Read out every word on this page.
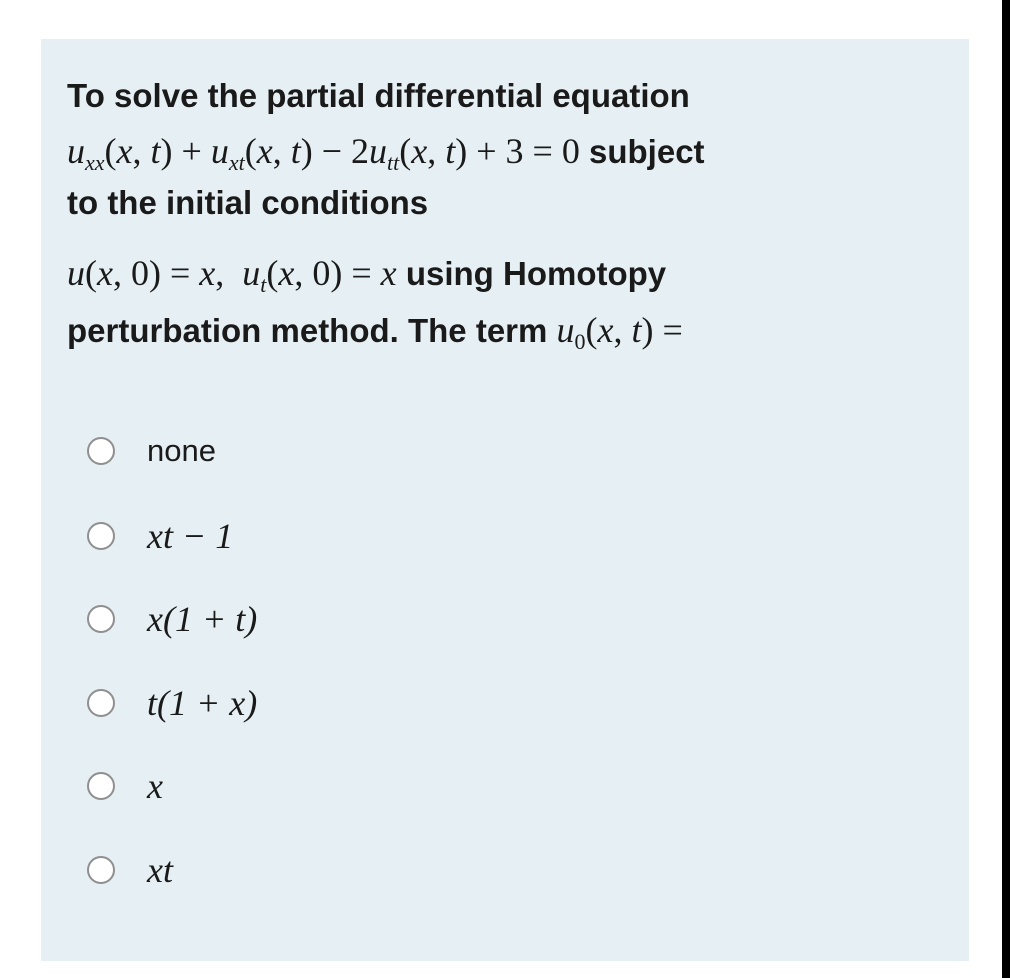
To solve the partial differential equation
$u_{xx}(x$, $t) + u_{xt}(x$, $t) - 2u_{tt}(x$, t) + 3 = 0 subject
to the initial conditions
u(x, 0) = x,  $u_t(x$, 0) = x using Homotopy
perturbation method. The term $u_0(x$, t) =
none
xt − 1
x(1 + t)
t(1 + x)
x
xt
